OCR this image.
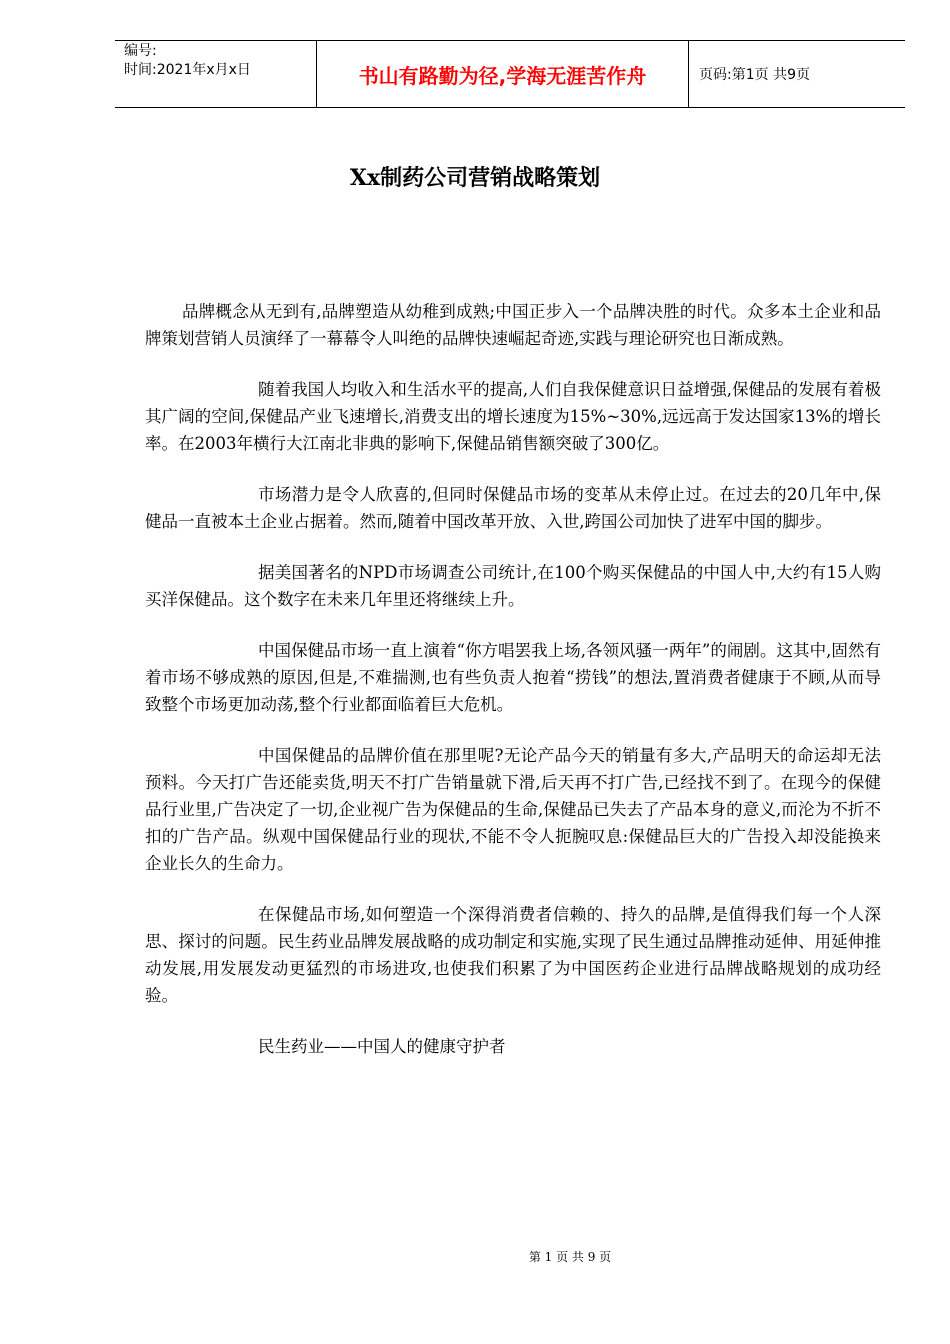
编号:
时间:2021年x月x日	书山有路勤为径,学海无涯苦作舟	页码:第1页 共9页
Xx制药公司营销战略策划

品牌概念从无到有,品牌塑造从幼稚到成熟;中国正步入一个品牌决胜的时代。众多本土企业和品牌策划营销人员演绎了一幕幕令人叫绝的品牌快速崛起奇迹,实践与理论研究也日渐成熟。

随着我国人均收入和生活水平的提高,人们自我保健意识日益增强,保健品的发展有着极其广阔的空间,保健品产业飞速增长,消费支出的增长速度为15%~30%,远远高于发达国家13%的增长率。在2003年横行大江南北非典的影响下,保健品销售额突破了300亿。

市场潜力是令人欣喜的,但同时保健品市场的变革从未停止过。在过去的20几年中,保健品一直被本土企业占据着。然而,随着中国改革开放、入世,跨国公司加快了进军中国的脚步。

据美国著名的NPD市场调查公司统计,在100个购买保健品的中国人中,大约有15人购买洋保健品。这个数字在未来几年里还将继续上升。

中国保健品市场一直上演着“你方唱罢我上场,各领风骚一两年”的闹剧。这其中,固然有着市场不够成熟的原因,但是,不难揣测,也有些负责人抱着“捞钱”的想法,置消费者健康于不顾,从而导致整个市场更加动荡,整个行业都面临着巨大危机。

中国保健品的品牌价值在那里呢?无论产品今天的销量有多大,产品明天的命运却无法预料。今天打广告还能卖货,明天不打广告销量就下滑,后天再不打广告,已经找不到了。在现今的保健品行业里,广告决定了一切,企业视广告为保健品的生命,保健品已失去了产品本身的意义,而沦为不折不扣的广告产品。纵观中国保健品行业的现状,不能不令人扼腕叹息:保健品巨大的广告投入却没能换来企业长久的生命力。

在保健品市场,如何塑造一个深得消费者信赖的、持久的品牌,是值得我们每一个人深思、探讨的问题。民生药业品牌发展战略的成功制定和实施,实现了民生通过品牌推动延伸、用延伸推动发展,用发展发动更猛烈的市场进攻,也使我们积累了为中国医药企业进行品牌战略规划的成功经验。

民生药业——中国人的健康守护者

第 1 页 共 9 页
